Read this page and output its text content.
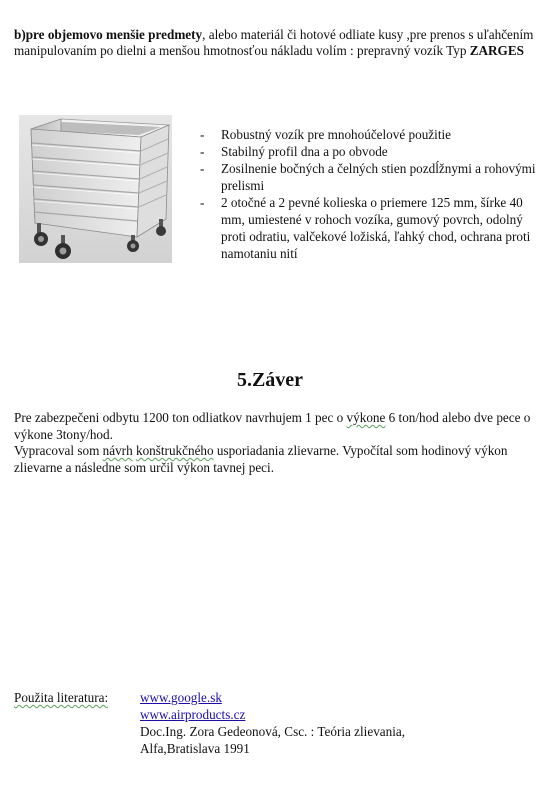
b)pre objemovo menšie predmety, alebo materiál či hotové odliate kusy ,pre prenos s uľahčením manipulovaním po dielni a menšou hmotnosťou nákladu volím : prepravný vozík Typ ZARGES
- Robustný vozík pre mnohoúčelové použitie
- Stabilný profil dna a po obvode
- Zosilnenie bočných a čelných stien pozdĺžnymi a rohovými prelismi
- 2 otočné a 2 pevné kolieska o priemere 125 mm, šírke 40 mm, umiestené v rohoch vozíka, gumový povrch, odolný proti odratiu, valčekové ložiská, ľahký chod, ochrana proti namotaniu nití
5.Záver

Pre zabezpečeni odbytu 1200 ton odliatkov navrhujem 1 pec o výkone 6 ton/hod alebo dve pece o výkone 3tony/hod.

Vypracoval som návrh konštrukčného usporiadania zlievarne. Vypočítal som hodinový výkon zlievarne a následne som určil výkon tavnej peci.

Použita literatura: www.google.sk
www.airproducts.cz
Doc.Ing. Zora Gedeonová, Csc. : Teória zlievania,
Alfa,Bratislava 1991
